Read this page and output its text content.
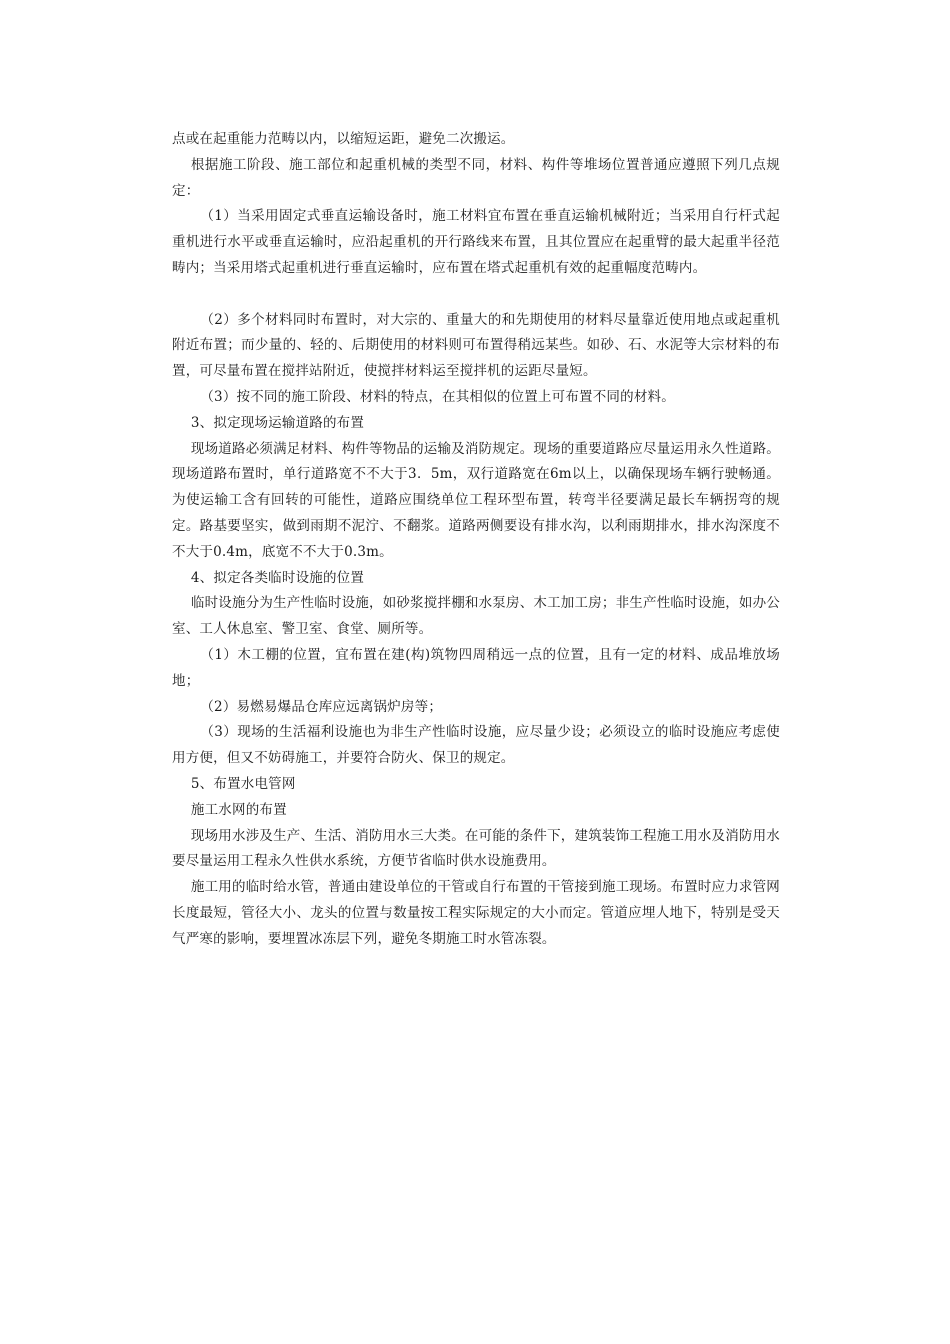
点或在起重能力范畴以内，以缩短运距，避免二次搬运。

根据施工阶段、施工部位和起重机械的类型不同，材料、构件等堆场位置普通应遵照下列几点规定：

（1）当采用固定式垂直运输设备时，施工材料宜布置在垂直运输机械附近；当采用自行杆式起重机进行水平或垂直运输时，应沿起重机的开行路线来布置，且其位置应在起重臂的最大起重半径范畴内；当采用塔式起重机进行垂直运输时，应布置在塔式起重机有效的起重幅度范畴内。

（2）多个材料同时布置时，对大宗的、重量大的和先期使用的材料尽量靠近使用地点或起重机附近布置；而少量的、轻的、后期使用的材料则可布置得稍远某些。如砂、石、水泥等大宗材料的布置，可尽量布置在搅拌站附近，使搅拌材料运至搅拌机的运距尽量短。

（3）按不同的施工阶段、材料的特点，在其相似的位置上可布置不同的材料。

3、拟定现场运输道路的布置

现场道路必须满足材料、构件等物品的运输及消防规定。现场的重要道路应尽量运用永久性道路。现场道路布置时，单行道路宽不不大于3．5m，双行道路宽在6m以上，以确保现场车辆行驶畅通。为使运输工含有回转的可能性，道路应围绕单位工程环型布置，转弯半径要满足最长车辆拐弯的规定。路基要坚实，做到雨期不泥泞、不翻浆。道路两侧要设有排水沟，以利雨期排水，排水沟深度不不大于0.4m，底宽不不大于0.3m。

4、拟定各类临时设施的位置

临时设施分为生产性临时设施，如砂浆搅拌棚和水泵房、木工加工房；非生产性临时设施，如办公室、工人休息室、警卫室、食堂、厕所等。

（1）木工棚的位置，宜布置在建(构)筑物四周稍远一点的位置，且有一定的材料、成品堆放场地；

（2）易燃易爆品仓库应远离锅炉房等；

（3）现场的生活福利设施也为非生产性临时设施，应尽量少设；必须设立的临时设施应考虑使用方便，但又不妨碍施工，并要符合防火、保卫的规定。

5、布置水电管网

施工水网的布置

现场用水涉及生产、生活、消防用水三大类。在可能的条件下，建筑装饰工程施工用水及消防用水要尽量运用工程永久性供水系统，方便节省临时供水设施费用。

施工用的临时给水管，普通由建设单位的干管或自行布置的干管接到施工现场。布置时应力求管网长度最短，管径大小、龙头的位置与数量按工程实际规定的大小而定。管道应埋人地下，特别是受天气严寒的影响，要埋置冰冻层下列，避免冬期施工时水管冻裂。
